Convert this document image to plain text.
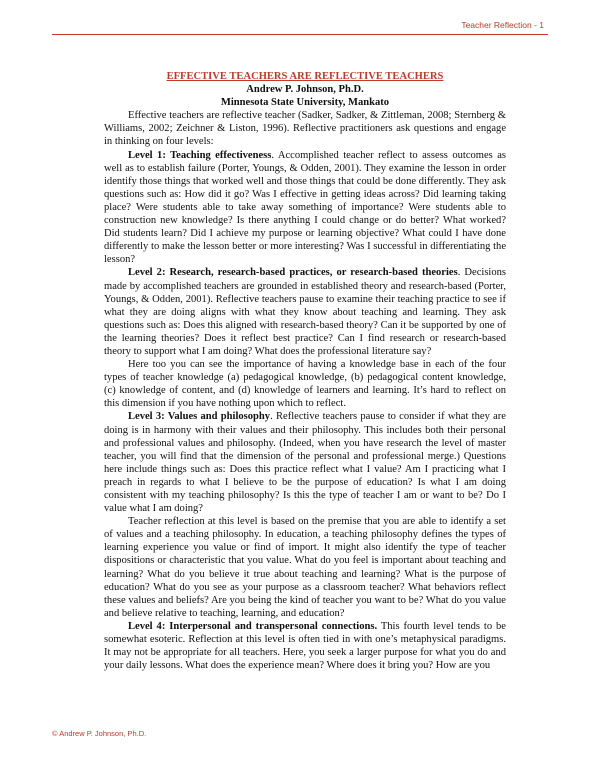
Teacher Reflection - 1

EFFECTIVE TEACHERS ARE REFLECTIVE TEACHERS

Andrew P. Johnson, Ph.D.

Minnesota State University, Mankato

Effective teachers are reflective teacher (Sadker, Sadker, & Zittleman, 2008; Sternberg & Williams, 2002; Zeichner & Liston, 1996). Reflective practitioners ask questions and engage in thinking on four levels:

Level 1: Teaching effectiveness. Accomplished teacher reflect to assess outcomes as well as to establish failure (Porter, Youngs, & Odden, 2001). They examine the lesson in order identify those things that worked well and those things that could be done differently. They ask questions such as: How did it go? Was I effective in getting ideas across? Did learning taking place? Were students able to take away something of importance? Were students able to construction new knowledge? Is there anything I could change or do better? What worked? Did students learn? Did I achieve my purpose or learning objective? What could I have done differently to make the lesson better or more interesting? Was I successful in differentiating the lesson?

Level 2: Research, research-based practices, or research-based theories. Decisions made by accomplished teachers are grounded in established theory and research-based (Porter, Youngs, & Odden, 2001). Reflective teachers pause to examine their teaching practice to see if what they are doing aligns with what they know about teaching and learning. They ask questions such as: Does this aligned with research-based theory? Can it be supported by one of the learning theories? Does it reflect best practice? Can I find research or research-based theory to support what I am doing? What does the professional literature say?

Here too you can see the importance of having a knowledge base in each of the four types of teacher knowledge (a) pedagogical knowledge, (b) pedagogical content knowledge, (c) knowledge of content, and (d) knowledge of learners and learning. It’s hard to reflect on this dimension if you have nothing upon which to reflect.

Level 3: Values and philosophy. Reflective teachers pause to consider if what they are doing is in harmony with their values and their philosophy. This includes both their personal and professional values and philosophy. (Indeed, when you have research the level of master teacher, you will find that the dimension of the personal and professional merge.) Questions here include things such as: Does this practice reflect what I value? Am I practicing what I preach in regards to what I believe to be the purpose of education? Is what I am doing consistent with my teaching philosophy? Is this the type of teacher I am or want to be? Do I value what I am doing?

Teacher reflection at this level is based on the premise that you are able to identify a set of values and a teaching philosophy. In education, a teaching philosophy defines the types of learning experience you value or find of import. It might also identify the type of teacher dispositions or characteristic that you value. What do you feel is important about teaching and learning? What do you believe it true about teaching and learning? What is the purpose of education? What do you see as your purpose as a classroom teacher? What behaviors reflect these values and beliefs? Are you being the kind of teacher you want to be? What do you value and believe relative to teaching, learning, and education?

Level 4: Interpersonal and transpersonal connections. This fourth level tends to be somewhat esoteric. Reflection at this level is often tied in with one’s metaphysical paradigms. It may not be appropriate for all teachers. Here, you seek a larger purpose for what you do and your daily lessons. What does the experience mean? Where does it bring you? How are you

© Andrew P. Johnson, Ph.D.
